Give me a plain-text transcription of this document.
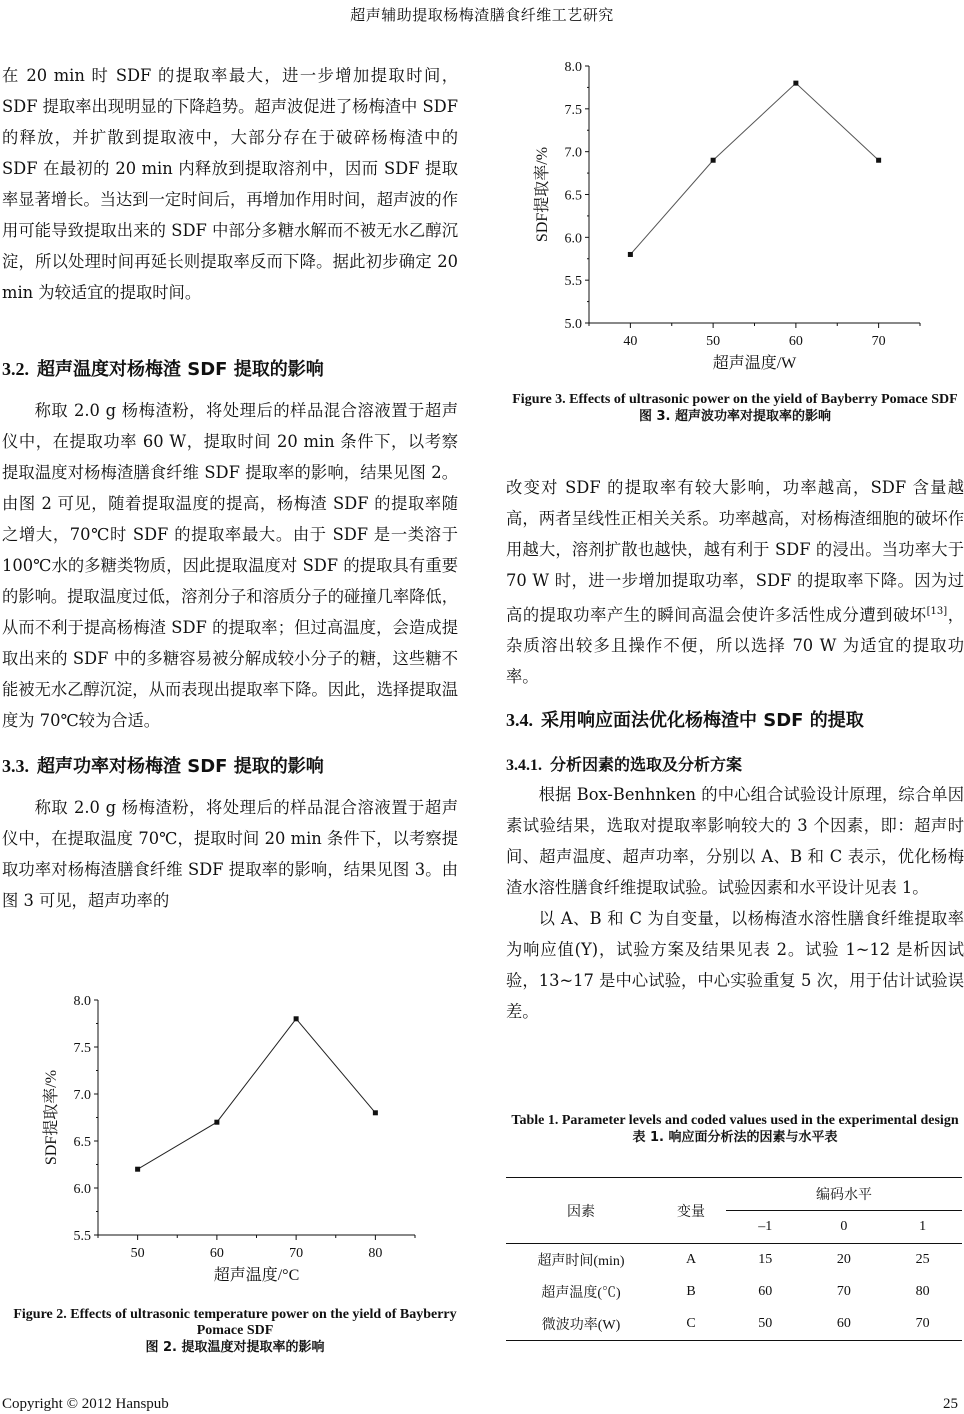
超声辅助提取杨梅渣膳食纤维工艺研究

在 20 min 时 SDF 的提取率最大，进一步增加提取时间，SDF 提取率出现明显的下降趋势。超声波促进了杨梅渣中 SDF 的释放，并扩散到提取液中，大部分存在于破碎杨梅渣中的 SDF 在最初的 20 min 内释放到提取溶剂中，因而 SDF 提取率显著增长。当达到一定时间后，再增加作用时间，超声波的作用可能导致提取出来的 SDF 中部分多糖水解而不被无水乙醇沉淀，所以处理时间再延长则提取率反而下降。据此初步确定 20 min 为较适宜的提取时间。

3.2. 超声温度对杨梅渣 SDF 提取的影响

称取 2.0 g 杨梅渣粉，将处理后的样品混合溶液置于超声仪中，在提取功率 60 W，提取时间 20 min 条件下，以考察提取温度对杨梅渣膳食纤维 SDF 提取率的影响，结果见图 2。由图 2 可见，随着提取温度的提高，杨梅渣 SDF 的提取率随之增大，70℃时 SDF 的提取率最大。由于 SDF 是一类溶于 100℃水的多糖类物质，因此提取温度对 SDF 的提取具有重要的影响。提取温度过低，溶剂分子和溶质分子的碰撞几率降低，从而不利于提高杨梅渣 SDF 的提取率；但过高温度，会造成提取出来的 SDF 中的多糖容易被分解成较小分子的糖，这些糖不能被无水乙醇沉淀，从而表现出提取率下降。因此，选择提取温度为 70℃较为合适。

3.3. 超声功率对杨梅渣 SDF 提取的影响

称取 2.0 g 杨梅渣粉，将处理后的样品混合溶液置于超声仪中，在提取温度 70℃，提取时间 20 min 条件下，以考察提取功率对杨梅渣膳食纤维 SDF 提取率的影响，结果见图 3。由图 3 可见，超声功率的

5.5
6.0
6.5
7.0
7.5
8.0
50	60	70	80
超声温度/°C
SDF提取率/%
Figure 2. Effects of ultrasonic temperature power on the yield of Bayberry Pomace SDF
图 2. 提取温度对提取率的影响
5.0
5.5
6.0
6.5
7.0
7.5
8.0
40	50	60	70
超声温度/W
SDF提取率/%
Figure 3. Effects of ultrasonic power on the yield of Bayberry Pomace SDF
图 3. 超声波功率对提取率的影响

改变对 SDF 的提取率有较大影响，功率越高，SDF 含量越高，两者呈线性正相关关系。功率越高，对杨梅渣细胞的破坏作用越大，溶剂扩散也越快，越有利于 SDF 的浸出。当功率大于 70 W 时，进一步增加提取功率，SDF 的提取率下降。因为过高的提取功率产生的瞬间高温会使许多活性成分遭到破坏[13]，杂质溶出较多且操作不便，所以选择 70 W 为适宜的提取功率。

3.4. 采用响应面法优化杨梅渣中 SDF 的提取
3.4.1. 分析因素的选取及分析方案

根据 Box-Benhnken 的中心组合试验设计原理，综合单因素试验结果，选取对提取率影响较大的 3 个因素，即：超声时间、超声温度、超声功率，分别以 A、B 和 C 表示，优化杨梅渣水溶性膳食纤维提取试验。试验因素和水平设计见表 1。

以 A、B 和 C 为自变量，以杨梅渣水溶性膳食纤维提取率为响应值(Y)，试验方案及结果见表 2。试验 1~12 是析因试验，13~17 是中心试验，中心实验重复 5 次，用于估计试验误差。

Table 1. Parameter levels and coded values used in the experimental design
表 1. 响应面分析法的因素与水平表
因素	变量	编码水平		
		–1	0	1
超声时间(min)	A	15	20	25
超声温度(℃)	B	60	70	80
微波功率(W)	C	50	60	70
Copyright © 2012 Hanspub	25
